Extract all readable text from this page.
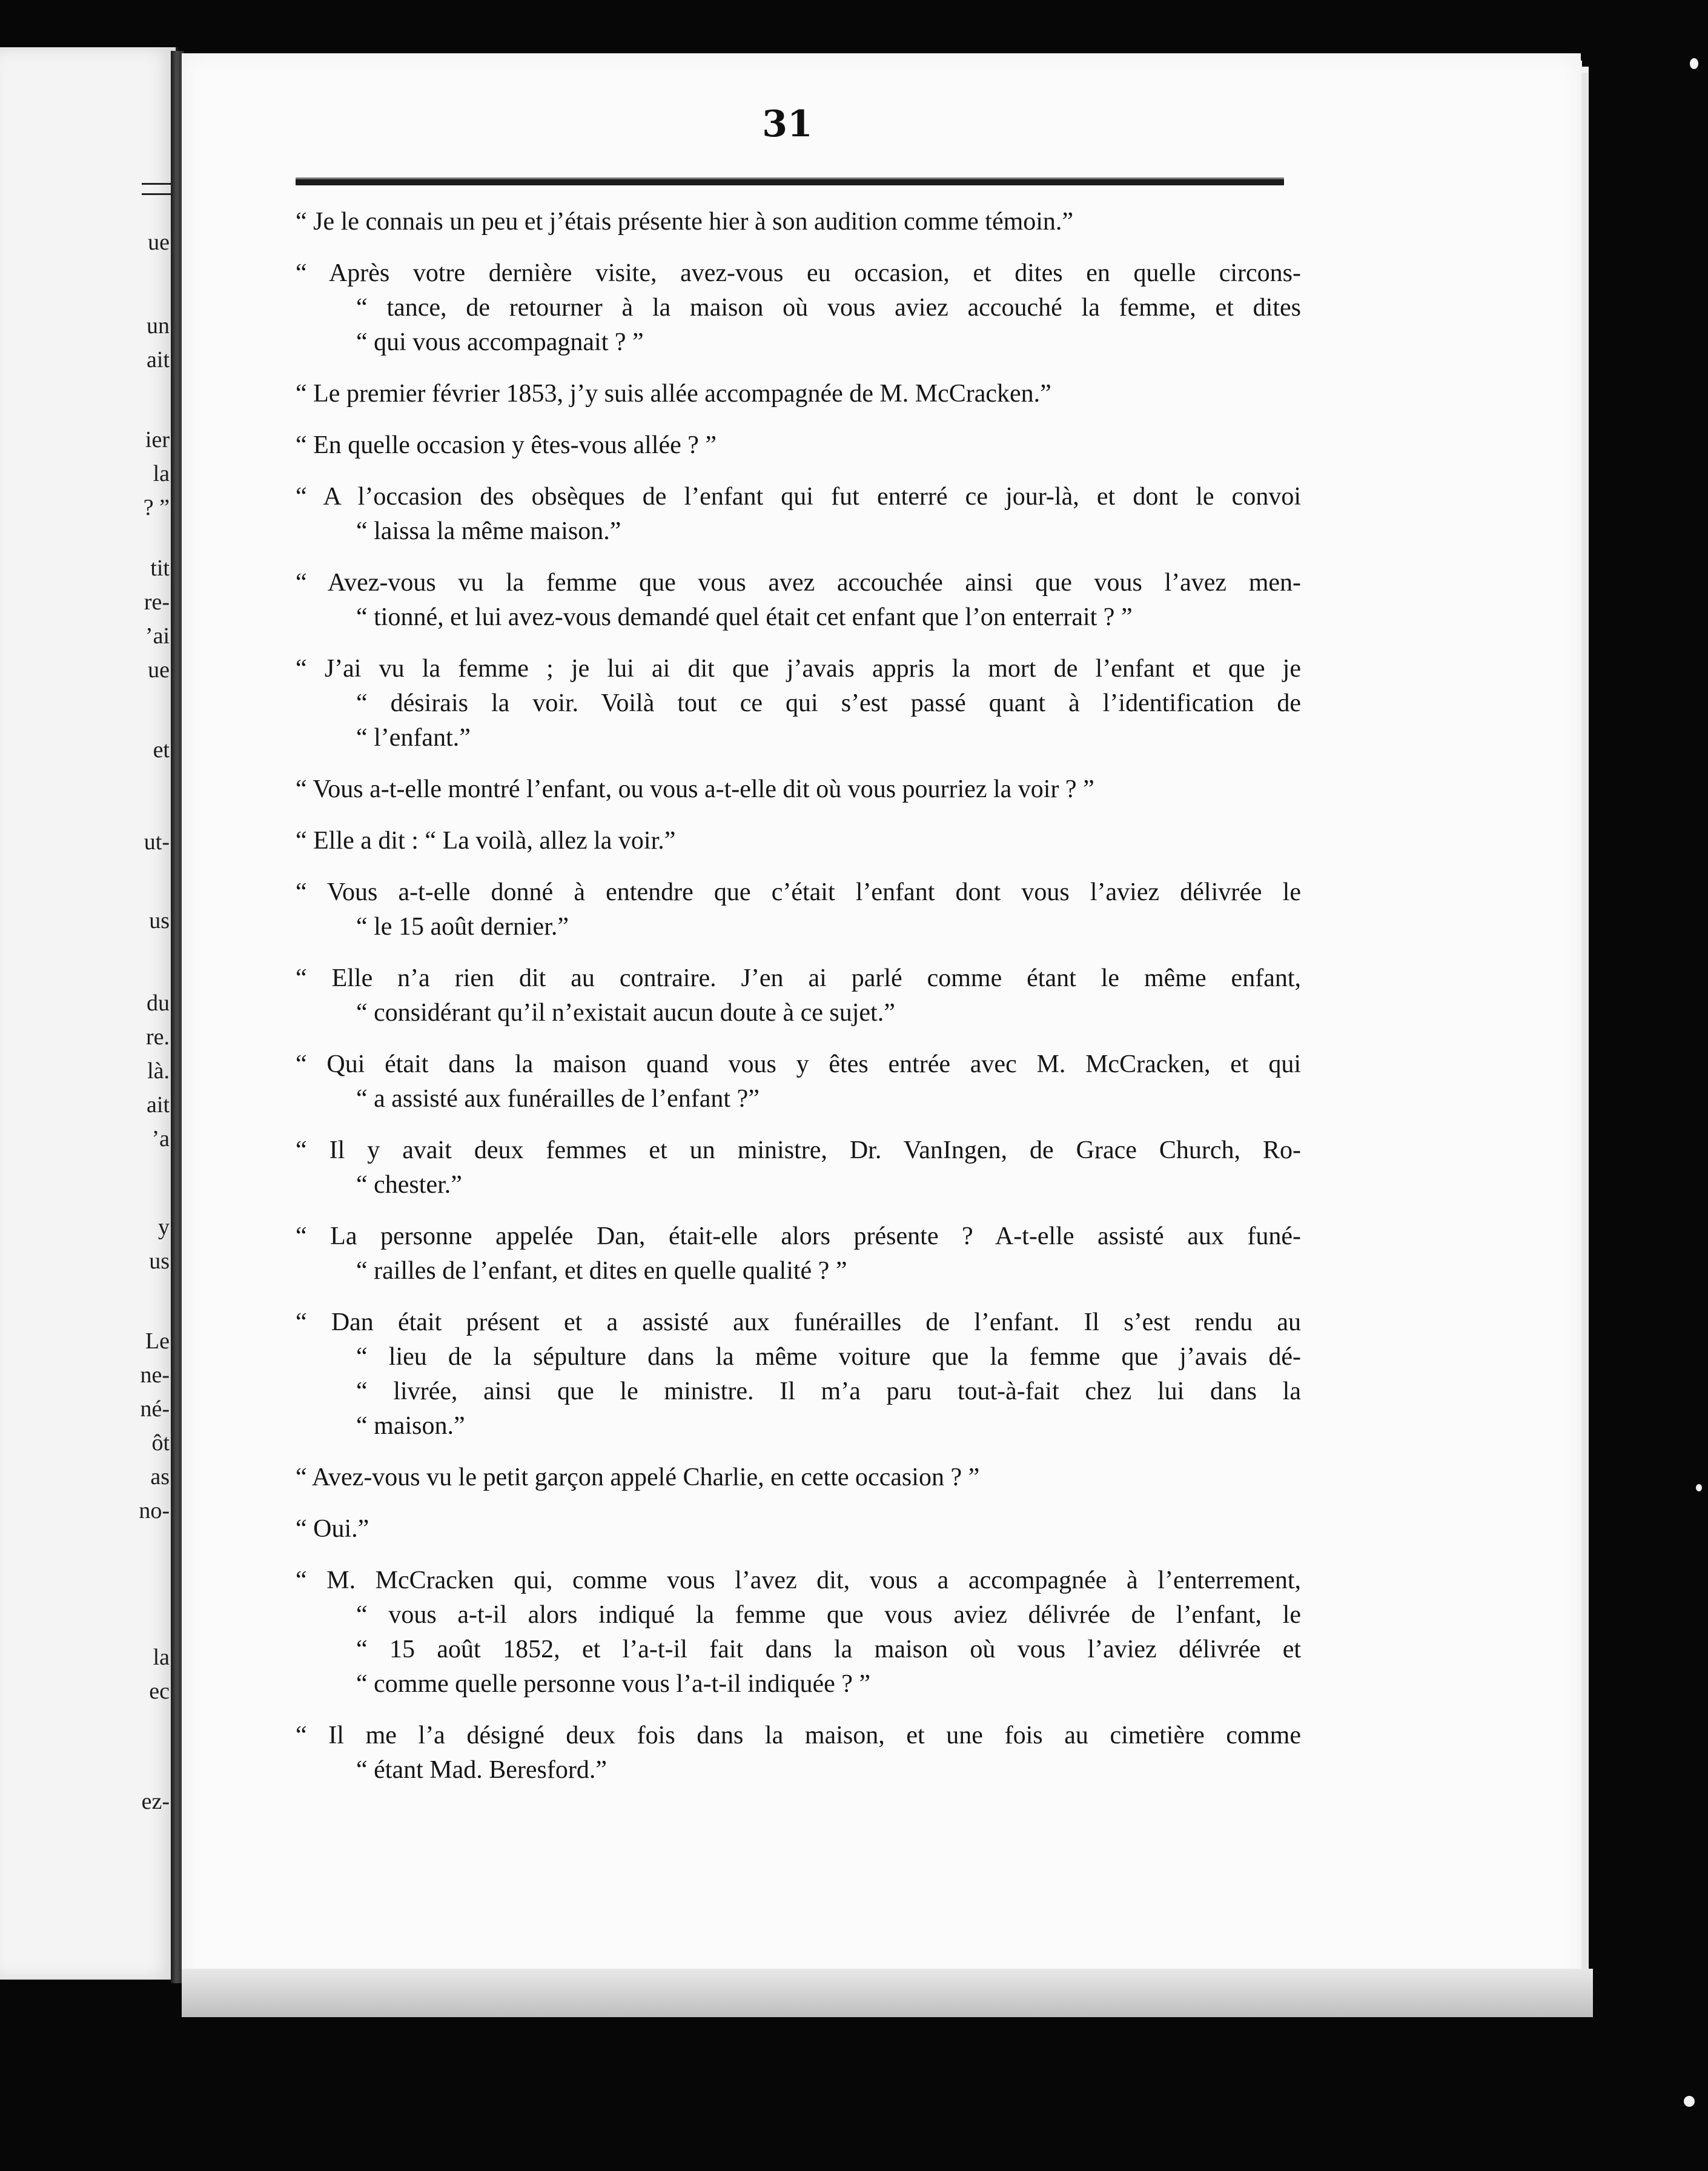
ue
un
ait
ier
la
? ”
tit
re-
’ai
ue
et
ut-
us
du
re.
là.
ait
’a
y
us
Le
ne-
né-
ôt
as
no-
la
ec
ez-
31
“ Je le connais un peu et j’étais présente hier à son audition comme témoin.”
“ Après votre dernière visite, avez-vous eu occasion, et dites en quelle circons-
“ tance, de retourner à la maison où vous aviez accouché la femme, et dites
“ qui vous accompagnait ? ”
“ Le premier février 1853, j’y suis allée accompagnée de M. McCracken.”
“ En quelle occasion y êtes-vous allée ? ”
“ A l’occasion des obsèques de l’enfant qui fut enterré ce jour-là, et dont le convoi
“ laissa la même maison.”
“ Avez-vous vu la femme que vous avez accouchée ainsi que vous l’avez men-
“ tionné, et lui avez-vous demandé quel était cet enfant que l’on enterrait ? ”
“ J’ai vu la femme ; je lui ai dit que j’avais appris la mort de l’enfant et que je
“ désirais la voir. Voilà tout ce qui s’est passé quant à l’identification de
“ l’enfant.”
“ Vous a-t-elle montré l’enfant, ou vous a-t-elle dit où vous pourriez la voir ? ”
“ Elle a dit : “ La voilà, allez la voir.”
“ Vous a-t-elle donné à entendre que c’était l’enfant dont vous l’aviez délivrée le
“ le 15 août dernier.”
“ Elle n’a rien dit au contraire. J’en ai parlé comme étant le même enfant,
“ considérant qu’il n’existait aucun doute à ce sujet.”
“ Qui était dans la maison quand vous y êtes entrée avec M. McCracken, et qui
“ a assisté aux funérailles de l’enfant ?”
“ Il y avait deux femmes et un ministre, Dr. VanIngen, de Grace Church, Ro-
“ chester.”
“ La personne appelée Dan, était-elle alors présente ? A-t-elle assisté aux funé-
“ railles de l’enfant, et dites en quelle qualité ? ”
“ Dan était présent et a assisté aux funérailles de l’enfant. Il s’est rendu au
“ lieu de la sépulture dans la même voiture que la femme que j’avais dé-
“ livrée, ainsi que le ministre. Il m’a paru tout-à-fait chez lui dans la
“ maison.”
“ Avez-vous vu le petit garçon appelé Charlie, en cette occasion ? ”
“ Oui.”
“ M. McCracken qui, comme vous l’avez dit, vous a accompagnée à l’enterrement,
“ vous a-t-il alors indiqué la femme que vous aviez délivrée de l’enfant, le
“ 15 août 1852, et l’a-t-il fait dans la maison où vous l’aviez délivrée et
“ comme quelle personne vous l’a-t-il indiquée ? ”
“ Il me l’a désigné deux fois dans la maison, et une fois au cimetière comme
“ étant Mad. Beresford.”
